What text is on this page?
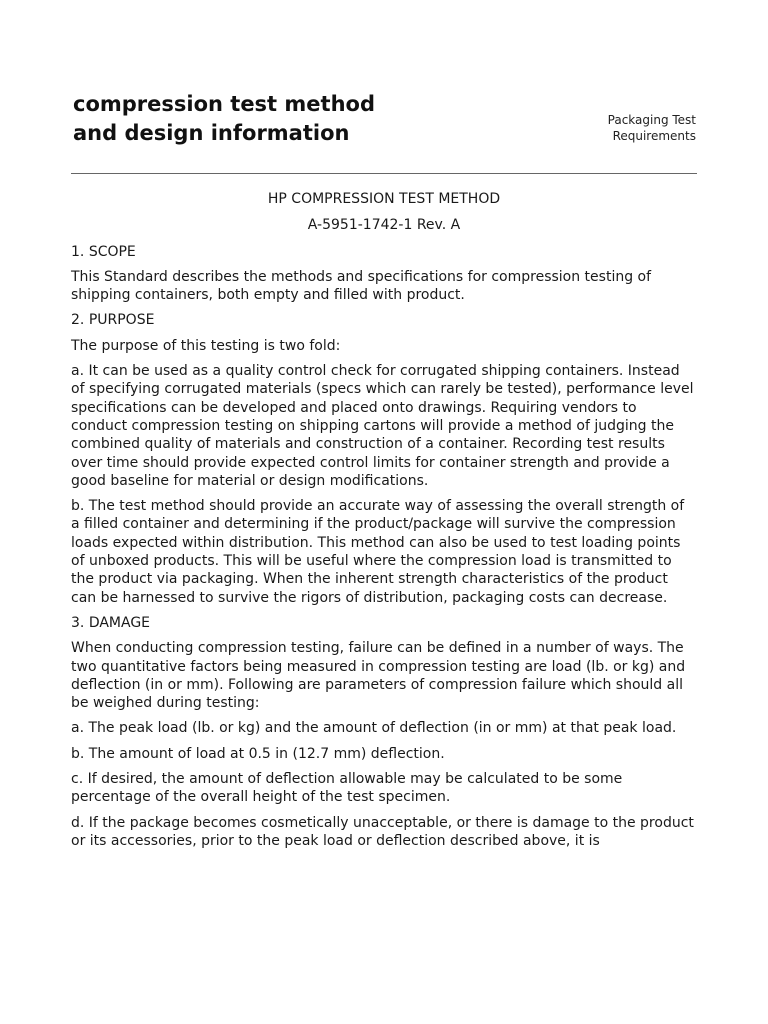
compression test method
and design information
Packaging Test
Requirements
HP COMPRESSION TEST METHOD
A-5951-1742-1 Rev. A
1. SCOPE

This Standard describes the methods and specifications for compression testing of shipping containers, both empty and filled with product.

2. PURPOSE

The purpose of this testing is two fold:

a. It can be used as a quality control check for corrugated shipping containers. Instead of specifying corrugated materials (specs which can rarely be tested), performance level specifications can be developed and placed onto drawings. Requiring vendors to conduct compression testing on shipping cartons will provide a method of judging the combined quality of materials and construction of a container. Recording test results over time should provide expected control limits for container strength and provide a good baseline for material or design modifications.

b. The test method should provide an accurate way of assessing the overall strength of a filled container and determining if the product/package will survive the compression loads expected within distribution. This method can also be used to test loading points of unboxed products. This will be useful where the compression load is transmitted to the product via packaging. When the inherent strength characteristics of the product can be harnessed to survive the rigors of distribution, packaging costs can decrease.

3. DAMAGE

When conducting compression testing, failure can be defined in a number of ways. The two quantitative factors being measured in compression testing are load (lb. or kg) and deflection (in or mm). Following are parameters of compression failure which should all be weighed during testing:

a. The peak load (lb. or kg) and the amount of deflection (in or mm) at that peak load.

b. The amount of load at 0.5 in (12.7 mm) deflection.

c. If desired, the amount of deflection allowable may be calculated to be some percentage of the overall height of the test specimen.

d. If the package becomes cosmetically unacceptable, or there is damage to the product or its accessories, prior to the peak load or deflection described above, it is
